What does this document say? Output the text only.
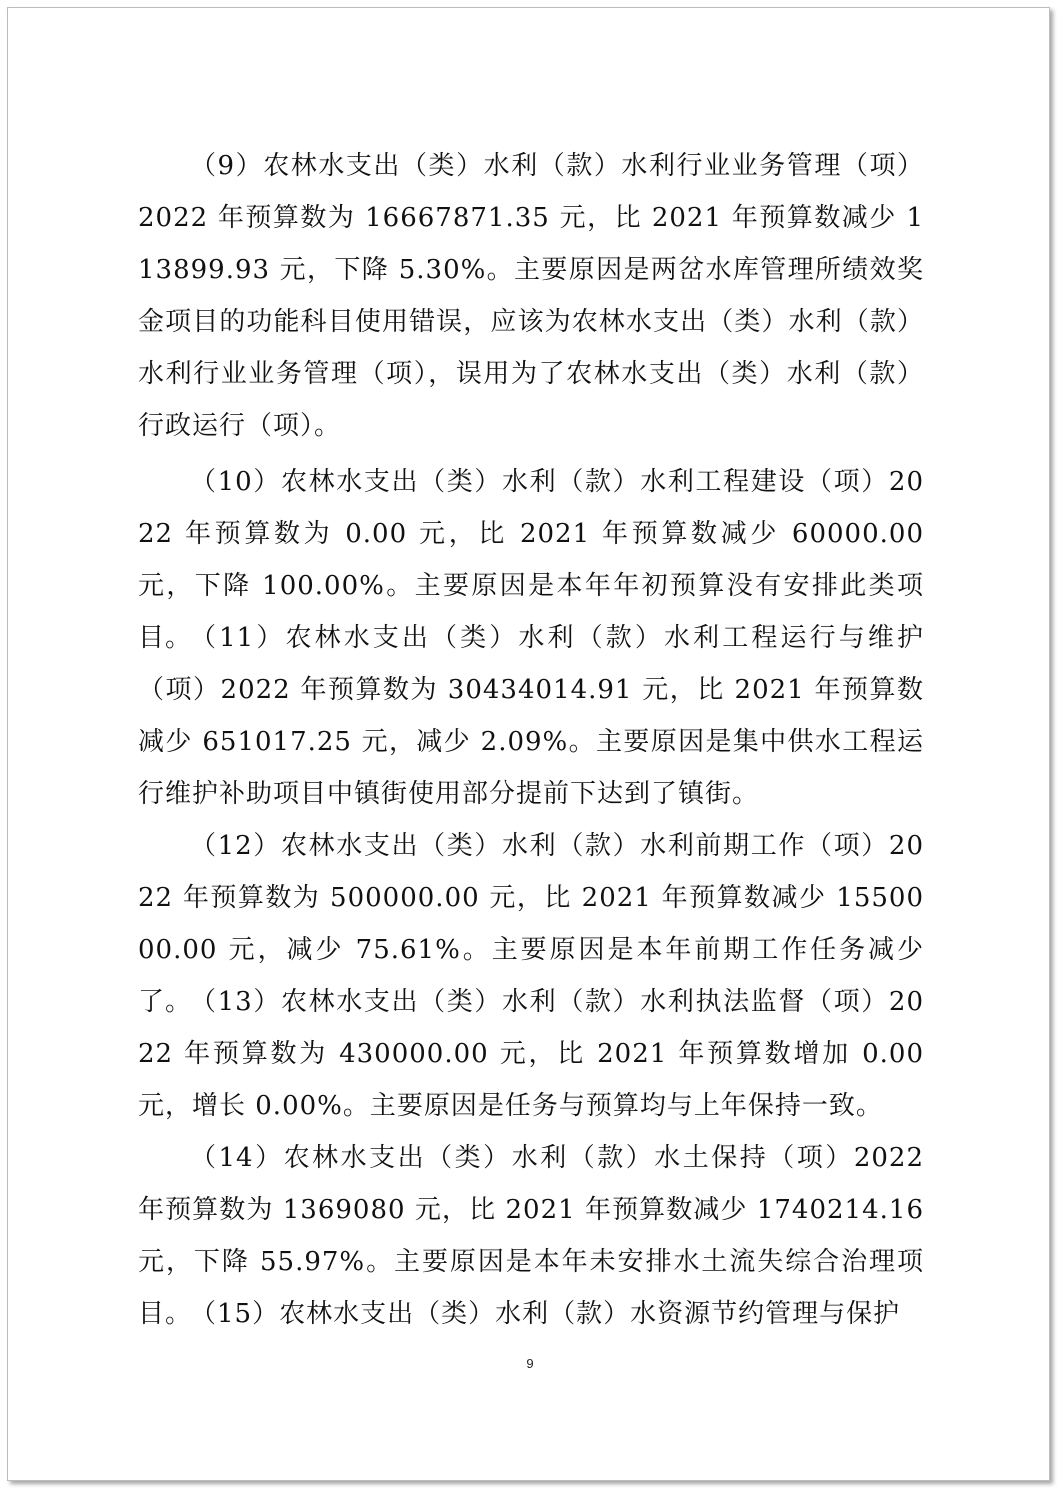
（9）农林水支出（类）水利（款）水利行业业务管理（项）2022 年预算数为 16667871.35 元，比 2021 年预算数减少 113899.93 元，下降 5.30%。主要原因是两岔水库管理所绩效奖金项目的功能科目使用错误，应该为农林水支出（类）水利（款）水利行业业务管理（项），误用为了农林水支出（类）水利（款）行政运行（项）。

（10）农林水支出（类）水利（款）水利工程建设（项）2022 年预算数为 0.00 元，比 2021 年预算数减少 60000.00 元，下降 100.00%。主要原因是本年年初预算没有安排此类项目。

（11）农林水支出（类）水利（款）水利工程运行与维护（项）2022 年预算数为 30434014.91 元，比 2021 年预算数减少 651017.25 元，减少 2.09%。主要原因是集中供水工程运行维护补助项目中镇街使用部分提前下达到了镇街。

（12）农林水支出（类）水利（款）水利前期工作（项）2022 年预算数为 500000.00 元，比 2021 年预算数减少 1550000.00 元，减少 75.61%。主要原因是本年前期工作任务减少了。

（13）农林水支出（类）水利（款）水利执法监督（项）2022 年预算数为 430000.00 元，比 2021 年预算数增加 0.00 元，增长 0.00%。主要原因是任务与预算均与上年保持一致。

（14）农林水支出（类）水利（款）水土保持（项）2022 年预算数为 1369080 元，比 2021 年预算数减少 1740214.16 元，下降 55.97%。主要原因是本年未安排水土流失综合治理项目。

（15）农林水支出（类）水利（款）水资源节约管理与保护

9
